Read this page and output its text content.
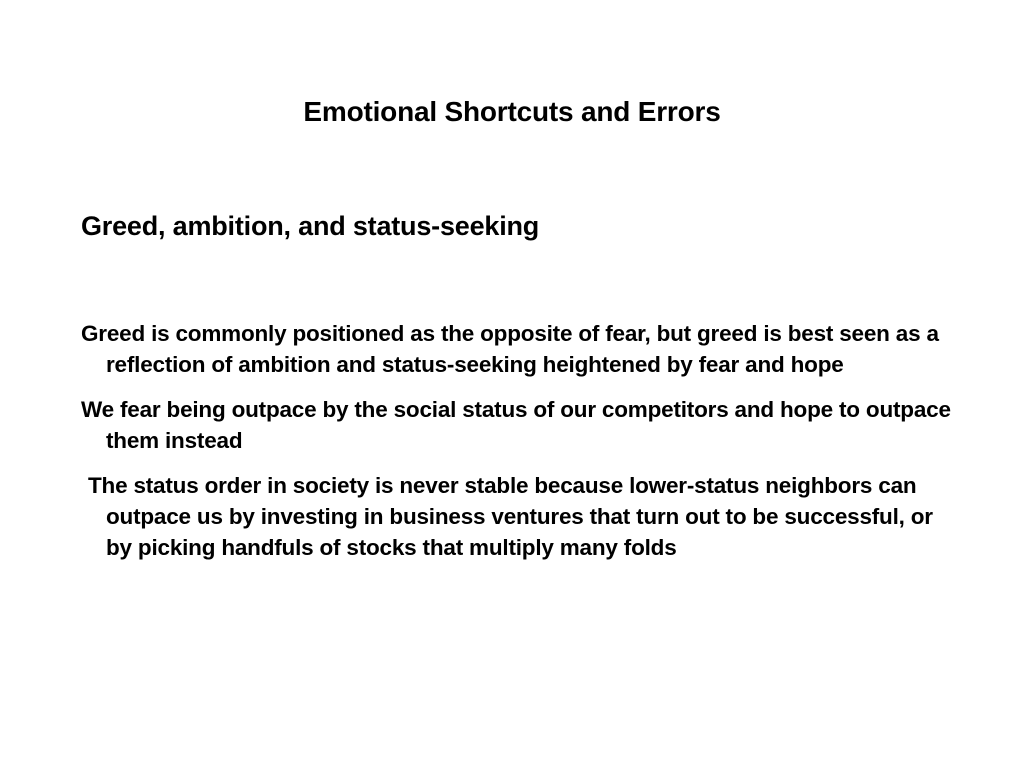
Emotional Shortcuts and Errors
Greed, ambition, and status-seeking
Greed is commonly positioned as the opposite of fear, but greed is best seen as a reflection of ambition and status-seeking heightened by fear and hope
We fear being outpace by the social status of our competitors and hope to outpace them instead
The status order in society is never stable because lower-status neighbors can outpace us by investing in business ventures that turn out to be successful, or by picking handfuls of stocks that multiply many folds
